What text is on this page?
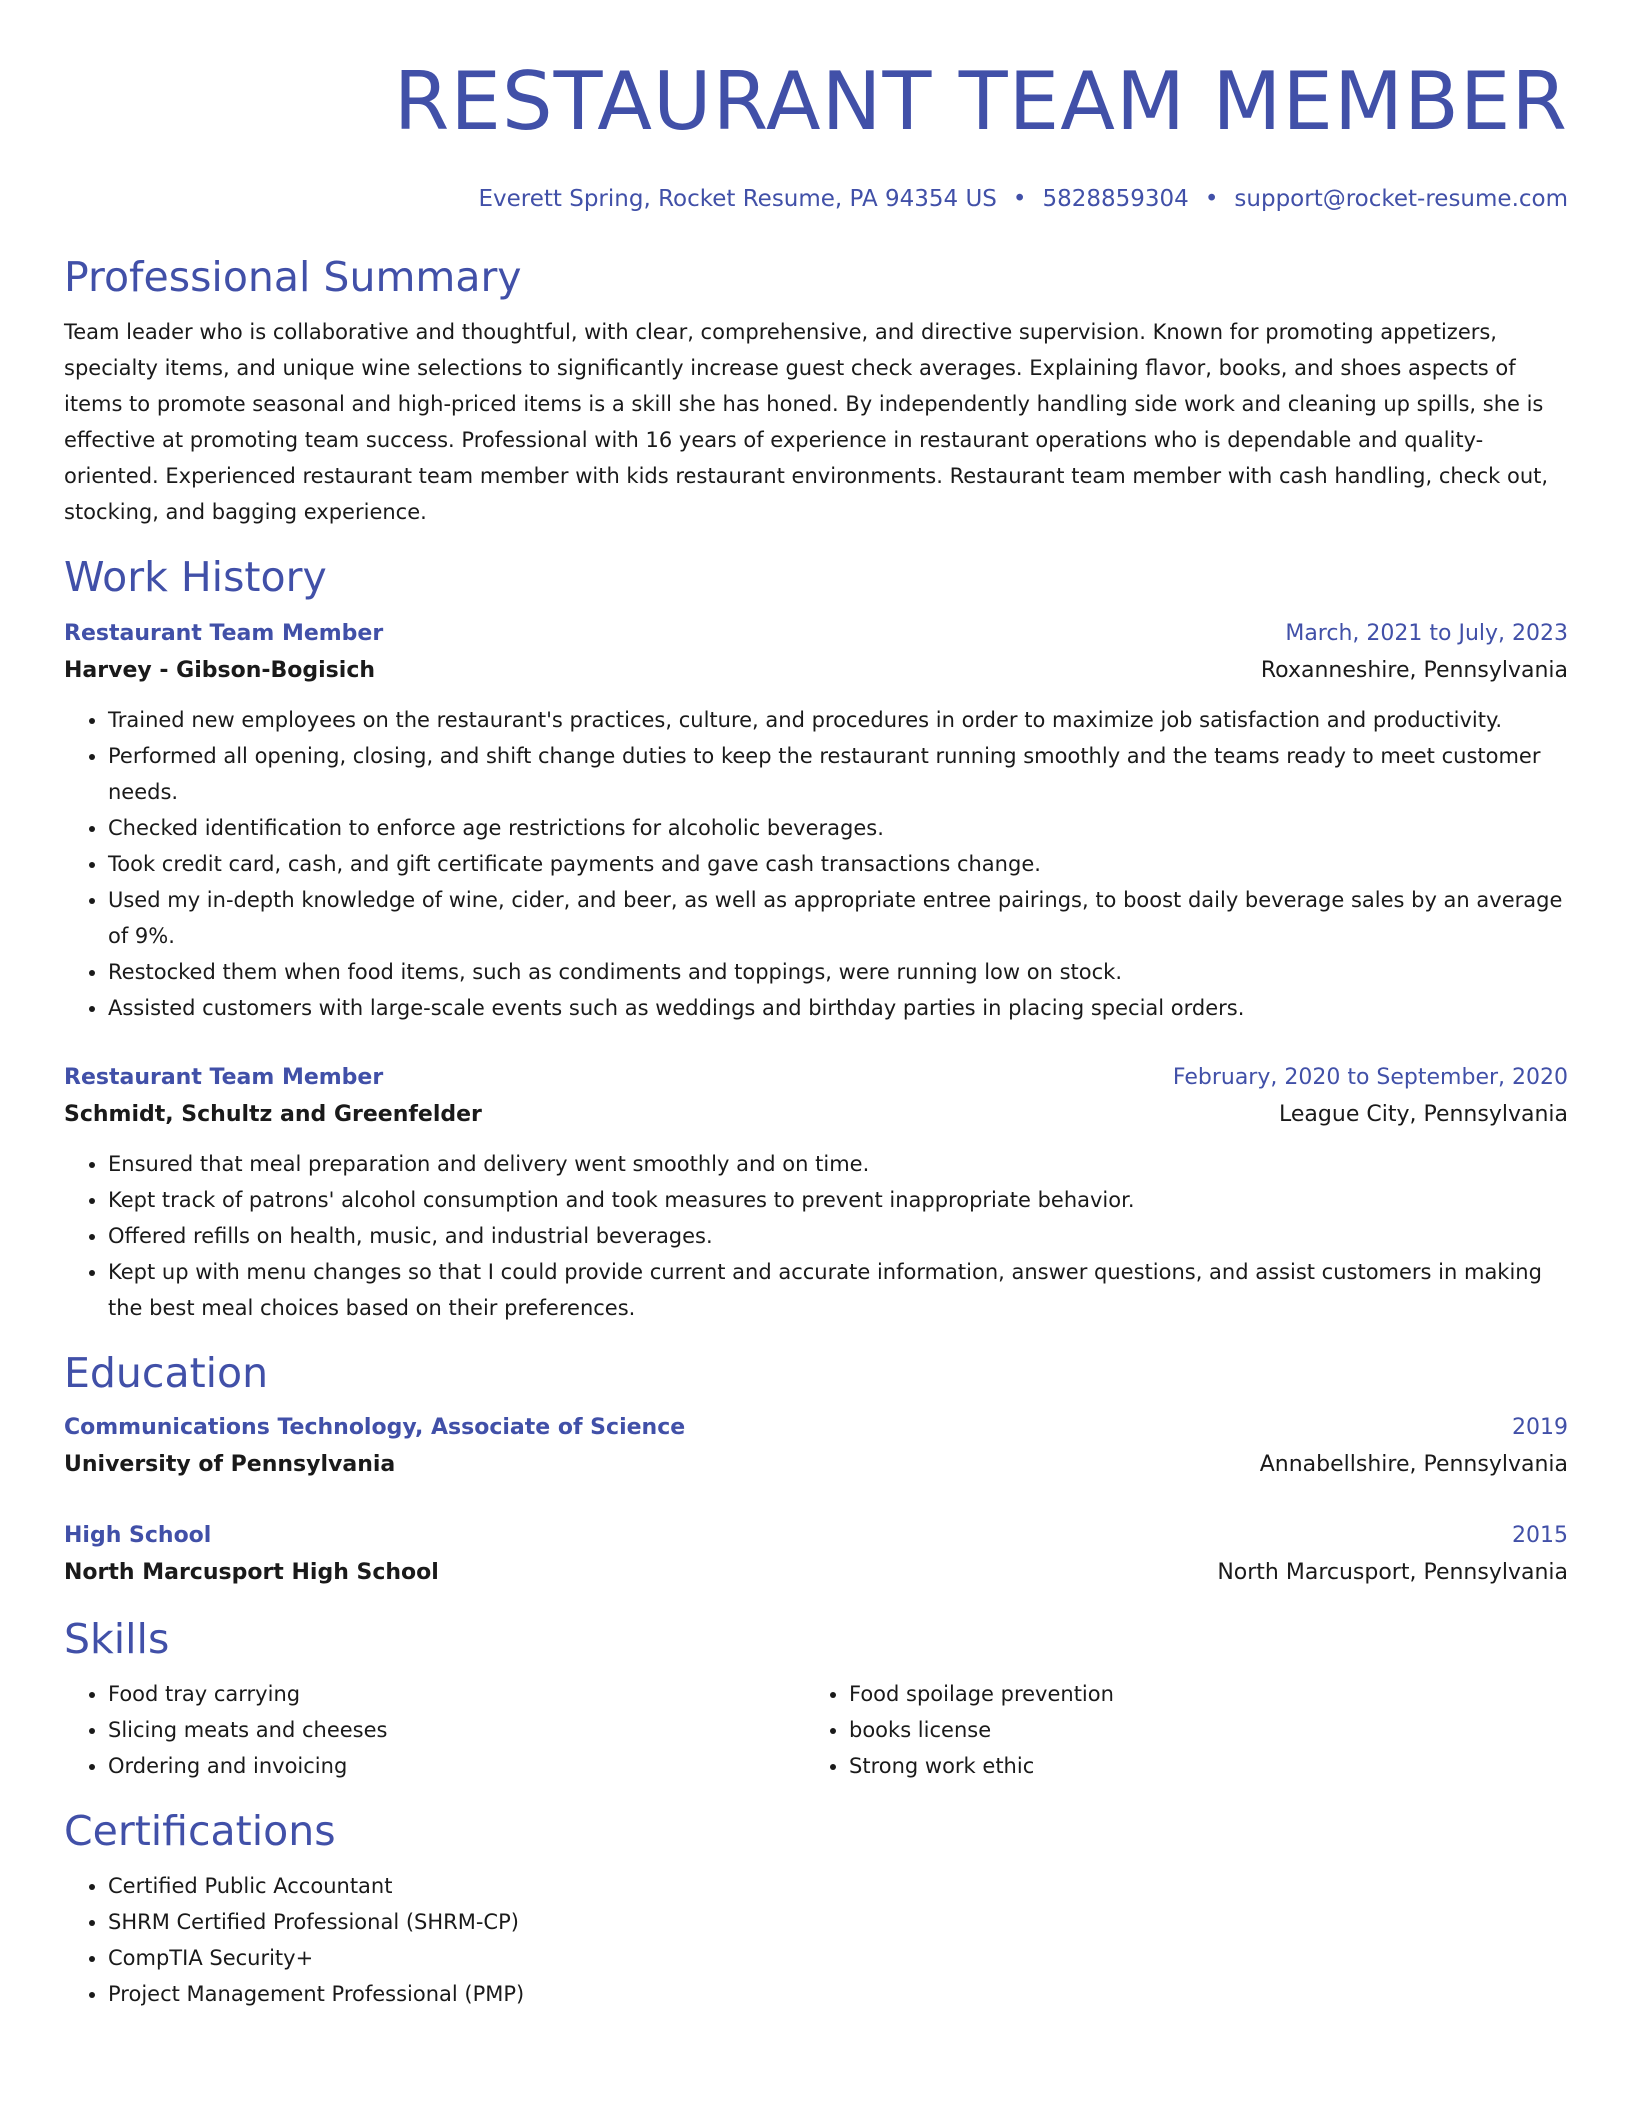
RESTAURANT TEAM MEMBER
Everett Spring, Rocket Resume, PA 94354 US • 5828859304 • support@rocket-resume.com
Professional Summary

Team leader who is collaborative and thoughtful, with clear, comprehensive, and directive supervision. Known for promoting appetizers, specialty items, and unique wine selections to significantly increase guest check averages. Explaining flavor, books, and shoes aspects of items to promote seasonal and high-priced items is a skill she has honed. By independently handling side work and cleaning up spills, she is effective at promoting team success. Professional with 16 years of experience in restaurant operations who is dependable and quality-oriented. Experienced restaurant team member with kids restaurant environments. Restaurant team member with cash handling, check out, stocking, and bagging experience.

Work History
Restaurant Team Member	March, 2021 to July, 2023
Harvey - Gibson-Bogisich	Roxanneshire, Pennsylvania
• Trained new employees on the restaurant's practices, culture, and procedures in order to maximize job satisfaction and productivity.
• Performed all opening, closing, and shift change duties to keep the restaurant running smoothly and the teams ready to meet customer needs.
• Checked identification to enforce age restrictions for alcoholic beverages.
• Took credit card, cash, and gift certificate payments and gave cash transactions change.
• Used my in-depth knowledge of wine, cider, and beer, as well as appropriate entree pairings, to boost daily beverage sales by an average of 9%.
• Restocked them when food items, such as condiments and toppings, were running low on stock.
• Assisted customers with large-scale events such as weddings and birthday parties in placing special orders.
Restaurant Team Member	February, 2020 to September, 2020
Schmidt, Schultz and Greenfelder	League City, Pennsylvania
• Ensured that meal preparation and delivery went smoothly and on time.
• Kept track of patrons' alcohol consumption and took measures to prevent inappropriate behavior.
• Offered refills on health, music, and industrial beverages.
• Kept up with menu changes so that I could provide current and accurate information, answer questions, and assist customers in making the best meal choices based on their preferences.
Education
Communications Technology, Associate of Science	2019
University of Pennsylvania	Annabellshire, Pennsylvania
High School	2015
North Marcusport High School	North Marcusport, Pennsylvania
Skills
• Food tray carrying
• Slicing meats and cheeses
• Ordering and invoicing
• Food spoilage prevention
• books license
• Strong work ethic
Certifications
• Certified Public Accountant
• SHRM Certified Professional (SHRM-CP)
• CompTIA Security+
• Project Management Professional (PMP)
